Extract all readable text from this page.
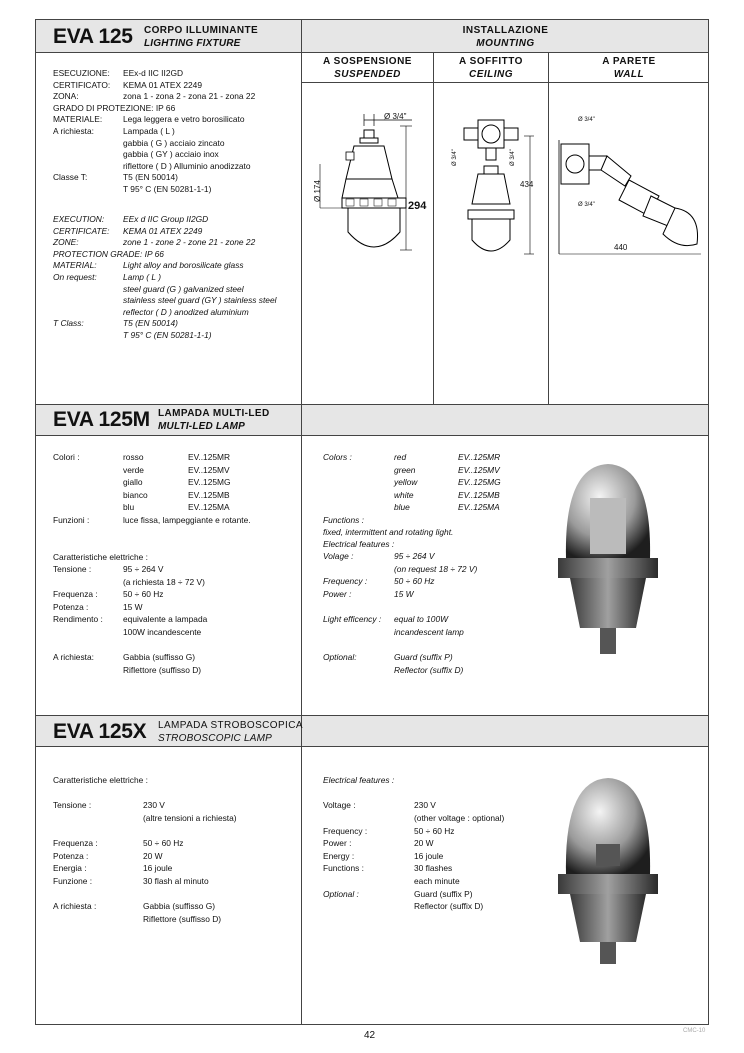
EVA 125 CORPO ILLUMINANTE
LIGHTING FIXTURE
INSTALLAZIONE
MOUNTING
A SOSPENSIONE
SUSPENDED
A SOFFITTO
CEILING
A PARETE
WALL
ESECUZIONE: EEx-d IIC II2GD
CERTIFICATO: KEMA 01 ATEX 2249
ZONA:	zona 1 - zona 2 - zona 21 - zona 22
GRADO DI PROTEZIONE: IP 66
MATERIALE: Lega leggera e vetro borosilicato
A richiesta:	Lampada ( L )
gabbia ( G ) acciaio zincato
gabbia ( GY ) acciaio inox
riflettore ( D ) Alluminio anodizzato
Classe T:	T5 (EN 50014)
T 95° C (EN 50281-1-1)
EXECUTION: EEx d IIC Group II2GD
CERTIFICATE: KEMA 01 ATEX 2249
ZONE:	zone 1 - zone 2 - zone 21 - zone 22
PROTECTION GRADE: IP 66
MATERIAL:	Light alloy and borosilicate glass
On request:	Lamp ( L )
steel guard (G ) galvanized steel
stainless steel guard (GY ) stainless steel
reflector ( D ) anodized aluminium
T Class:	T5 (EN 50014)
T 95° C (EN 50281-1-1)
Ø 3/4"
Ø 174
294
Ø 3/4"	Ø 3/4"
434
Ø 3/4"
Ø 3/4"
440
EVA 125M LAMPADA MULTI-LED
MULTI-LED LAMP
Colori :	rosso	EV..125MR
verde	EV..125MV
giallo	EV..125MG
bianco	EV..125MB
blu	EV..125MA
Funzioni :	luce fissa, lampeggiante e rotante.
Caratteristiche elettriche :
Tensione :	95 ÷ 264 V
(a richiesta 18 ÷ 72 V)
Frequenza :	50 ÷ 60 Hz
Potenza :	15 W
Rendimento : equivalente a lampada
100W incandescente
A richiesta:	Gabbia (suffisso G)
Riflettore (suffisso D)
Colors :	red	EV..125MR
green	EV..125MV
yellow	EV..125MG
white	EV..125MB
blue	EV..125MA
Functions :
fixed, intermittent and rotating light.
Electrical features :
Volage :	95 ÷ 264 V
(on request 18 ÷ 72 V)
Frequency :	50 ÷ 60 Hz
Power :	15 W
Light efficency : equal to 100W
incandescent lamp
Optional:	Guard (suffix P)
Reflector (suffix D)
EVA 125X LAMPADA STROBOSCOPICA
STROBOSCOPIC LAMP
Caratteristiche elettriche :
Tensione :	230 V
(altre tensioni a richiesta)
Frequenza :	50 ÷ 60 Hz
Potenza :	20 W
Energia :	16 joule
Funzione :	30 flash al minuto
A richiesta :	Gabbia (suffisso G)
Riflettore (suffisso D)
Electrical features :
Voltage :	230 V
(other voltage : optional)
Frequency :	50 ÷ 60 Hz
Power :	20 W
Energy :	16 joule
Functions :	30 flashes
each minute
Optional :	Guard (suffix P)
Reflector (suffix D)
42	CMC-10
